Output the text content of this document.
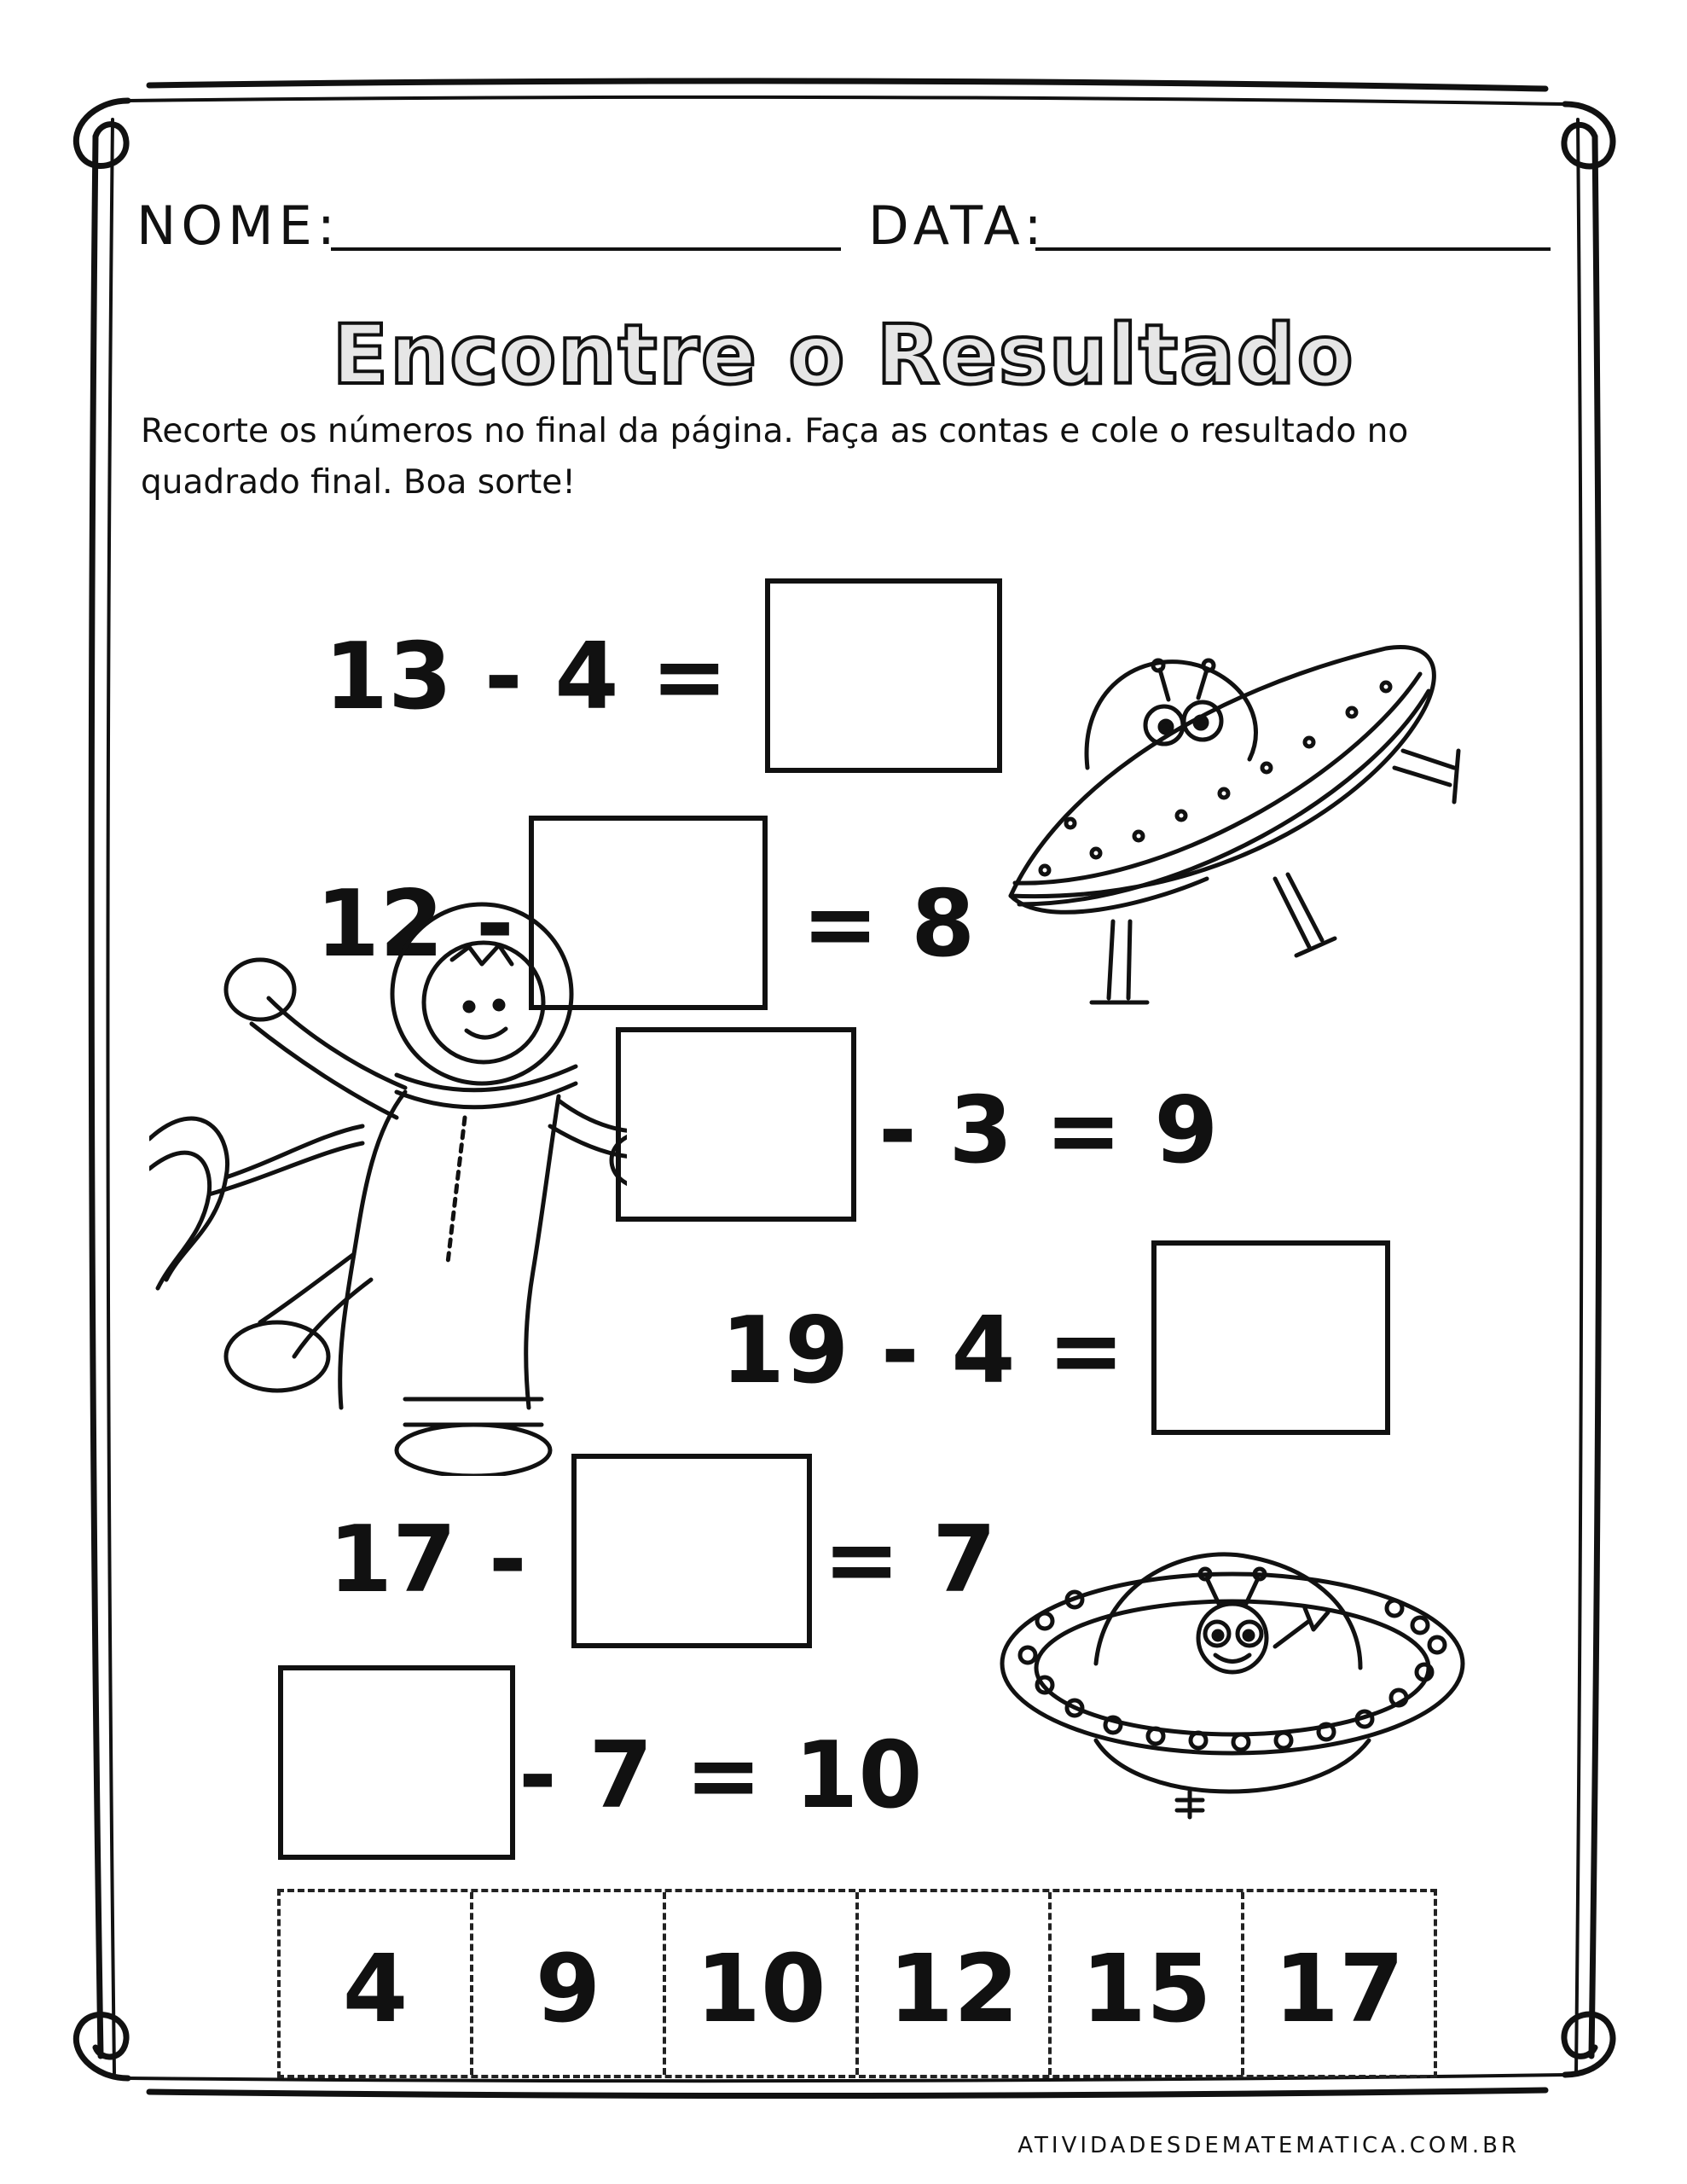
NOME:	DATA:
Encontre o Resultado
Recorte os números no final da página. Faça as contas e cole o resultado no quadrado final. Boa sorte!
13 - 4 =
12 -	= 8
- 3 = 9
19 - 4 =
17 -	= 7
- 7 = 10
4	9	10 12 15 17
ATIVIDADESDEMATEMATICA.COM.BR
